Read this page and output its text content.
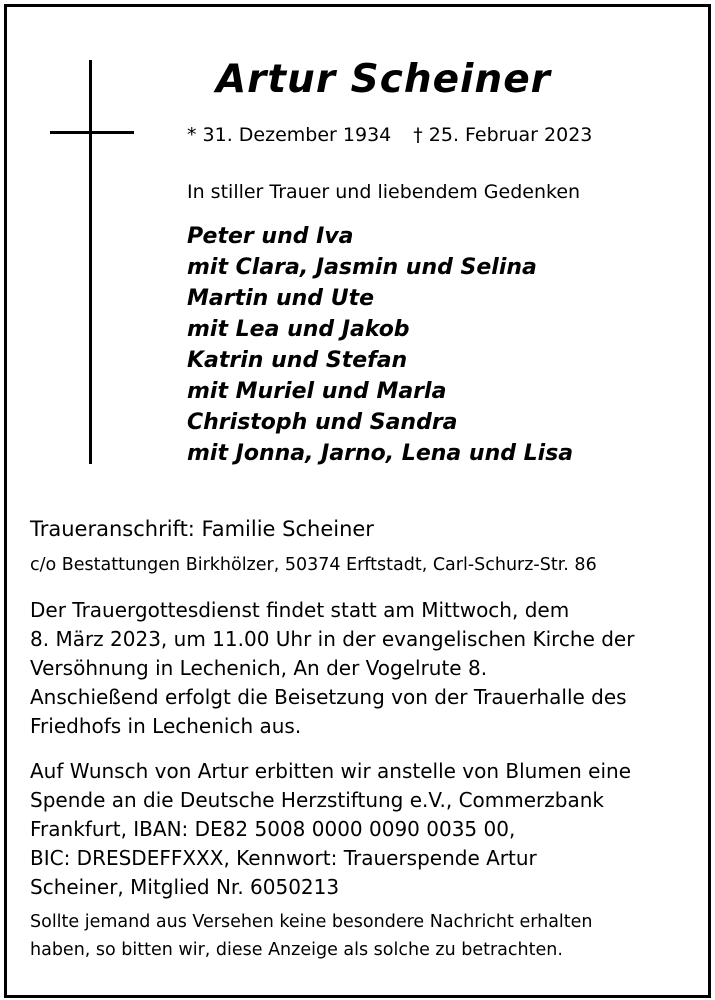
Artur Scheiner
* 31. Dezember 1934 † 25. Februar 2023
In stiller Trauer und liebendem Gedenken
Peter und Iva
mit Clara, Jasmin und Selina
Martin und Ute
mit Lea und Jakob
Katrin und Stefan
mit Muriel und Marla
Christoph und Sandra
mit Jonna, Jarno, Lena und Lisa
Traueranschrift: Familie Scheiner
c/o Bestattungen Birkhölzer, 50374 Erftstadt, Carl-Schurz-Str. 86
Der Trauergottesdienst findet statt am Mittwoch, dem
8. März 2023, um 11.00 Uhr in der evangelischen Kirche der
Versöhnung in Lechenich, An der Vogelrute 8.
Anschießend erfolgt die Beisetzung von der Trauerhalle des
Friedhofs in Lechenich aus.
Auf Wunsch von Artur erbitten wir anstelle von Blumen eine
Spende an die Deutsche Herzstiftung e.V., Commerzbank
Frankfurt, IBAN: DE82 5008 0000 0090 0035 00,
BIC: DRESDEFFXXX, Kennwort: Trauerspende Artur
Scheiner, Mitglied Nr. 6050213
Sollte jemand aus Versehen keine besondere Nachricht erhalten
haben, so bitten wir, diese Anzeige als solche zu betrachten.
